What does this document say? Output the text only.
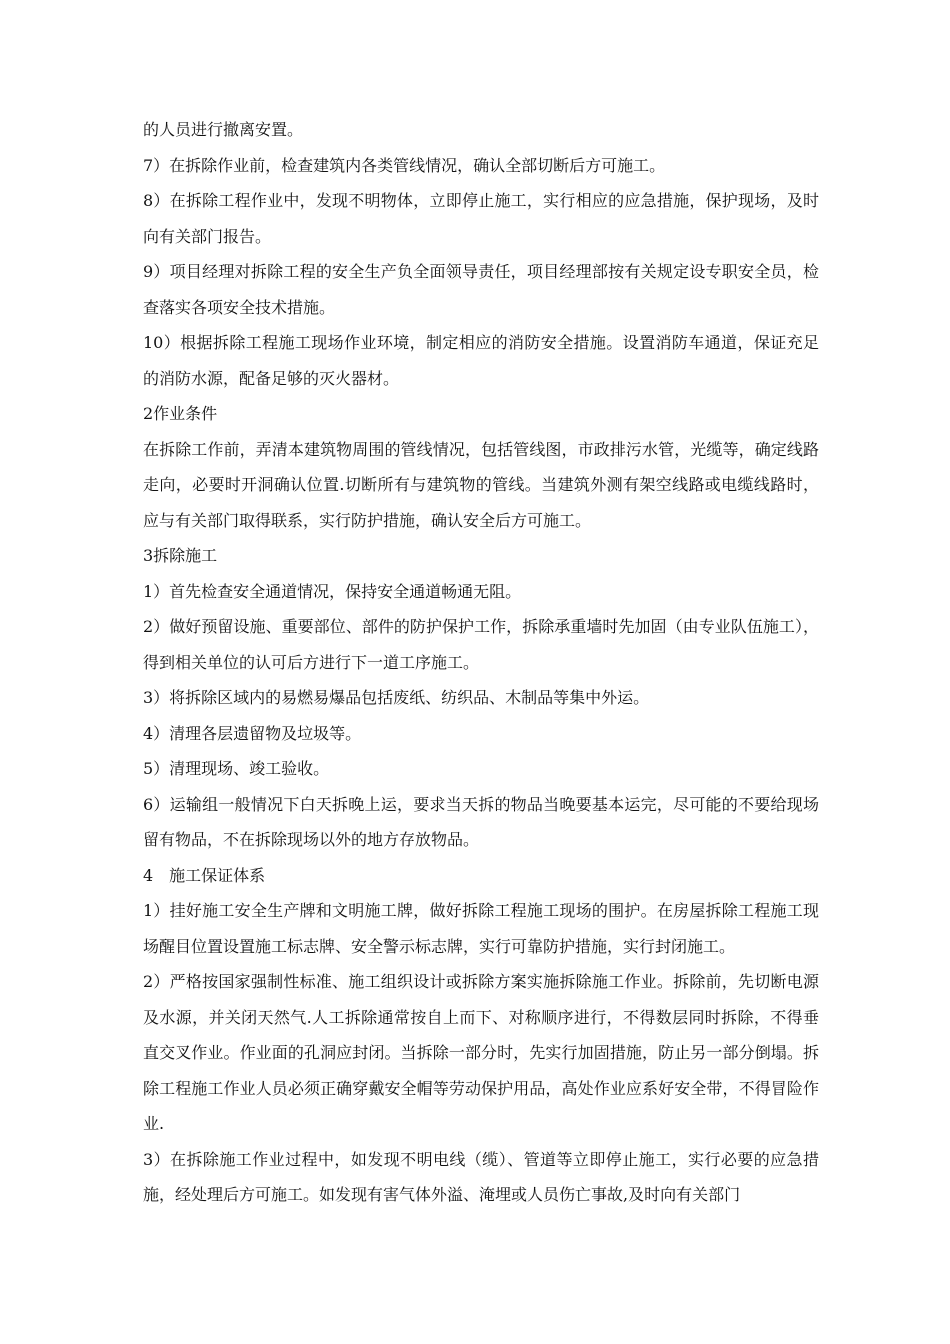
的人员进行撤离安置。

7）在拆除作业前，检查建筑内各类管线情况，确认全部切断后方可施工。

8）在拆除工程作业中，发现不明物体，立即停止施工，实行相应的应急措施，保护现场，及时向有关部门报告。

9）项目经理对拆除工程的安全生产负全面领导责任，项目经理部按有关规定设专职安全员，检查落实各项安全技术措施。

10）根据拆除工程施工现场作业环境，制定相应的消防安全措施。设置消防车通道，保证充足的消防水源，配备足够的灭火器材。

2作业条件

在拆除工作前，弄清本建筑物周围的管线情况，包括管线图，市政排污水管，光缆等，确定线路走向，必要时开洞确认位置.切断所有与建筑物的管线。当建筑外测有架空线路或电缆线路时，应与有关部门取得联系，实行防护措施，确认安全后方可施工。

3拆除施工

1）首先检查安全通道情况，保持安全通道畅通无阻。

2）做好预留设施、重要部位、部件的防护保护工作，拆除承重墙时先加固（由专业队伍施工），得到相关单位的认可后方进行下一道工序施工。

3）将拆除区域内的易燃易爆品包括废纸、纺织品、木制品等集中外运。

4）清理各层遗留物及垃圾等。

5）清理现场、竣工验收。

6）运输组一般情况下白天拆晚上运，要求当天拆的物品当晚要基本运完，尽可能的不要给现场留有物品，不在拆除现场以外的地方存放物品。

4　施工保证体系

1）挂好施工安全生产牌和文明施工牌，做好拆除工程施工现场的围护。在房屋拆除工程施工现场醒目位置设置施工标志牌、安全警示标志牌，实行可靠防护措施，实行封闭施工。

2）严格按国家强制性标准、施工组织设计或拆除方案实施拆除施工作业。拆除前，先切断电源及水源，并关闭天然气.人工拆除通常按自上而下、对称顺序进行，不得数层同时拆除，不得垂直交叉作业。作业面的孔洞应封闭。当拆除一部分时，先实行加固措施，防止另一部分倒塌。拆除工程施工作业人员必须正确穿戴安全帽等劳动保护用品，高处作业应系好安全带，不得冒险作业.

3）在拆除施工作业过程中，如发现不明电线（缆）、管道等立即停止施工，实行必要的应急措施，经处理后方可施工。如发现有害气体外溢、淹埋或人员伤亡事故,及时向有关部门
